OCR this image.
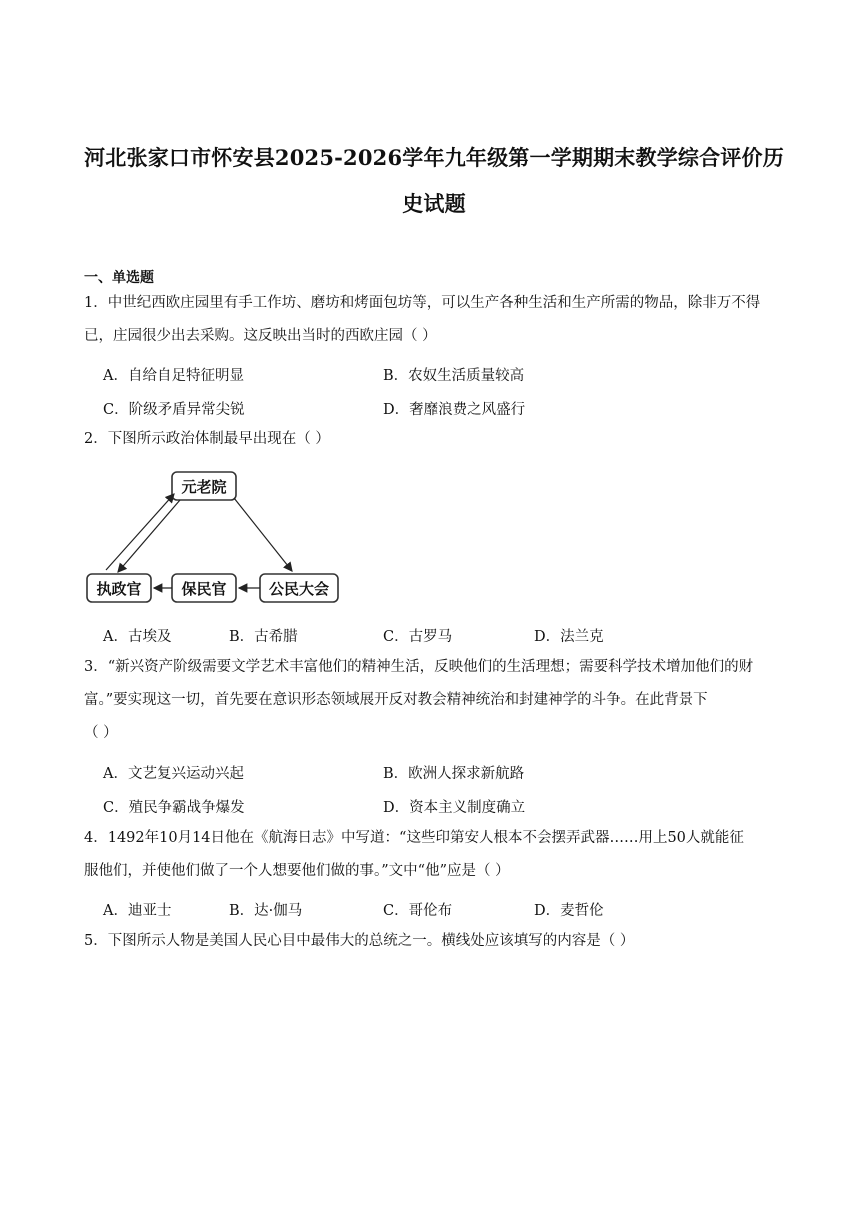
河北张家口市怀安县2025-2026学年九年级第一学期期末教学综合评价历
史试题
一、单选题
1．中世纪西欧庄园里有手工作坊、磨坊和烤面包坊等，可以生产各种生活和生产所需的物品，除非万不得
已，庄园很少出去采购。这反映出当时的西欧庄园（ ）
A．自给自足特征明显	B．农奴生活质量较高
C．阶级矛盾异常尖锐	D．奢靡浪费之风盛行
2．下图所示政治体制最早出现在（ ）
元老院
执政官	保民官	公民大会
A．古埃及	B．古希腊	C．古罗马	D．法兰克
3．“新兴资产阶级需要文学艺术丰富他们的精神生活，反映他们的生活理想；需要科学技术增加他们的财
富。”要实现这一切，首先要在意识形态领域展开反对教会精神统治和封建神学的斗争。在此背景下
（ ）
A．文艺复兴运动兴起	B．欧洲人探求新航路
C．殖民争霸战争爆发	D．资本主义制度确立
4．1492年10月14日他在《航海日志》中写道：“这些印第安人根本不会摆弄武器……用上50人就能征
服他们，并使他们做了一个人想要他们做的事。”文中“他”应是（ ）
A．迪亚士	B．达·伽马	C．哥伦布	D．麦哲伦
5．下图所示人物是美国人民心目中最伟大的总统之一。横线处应该填写的内容是（ ）
